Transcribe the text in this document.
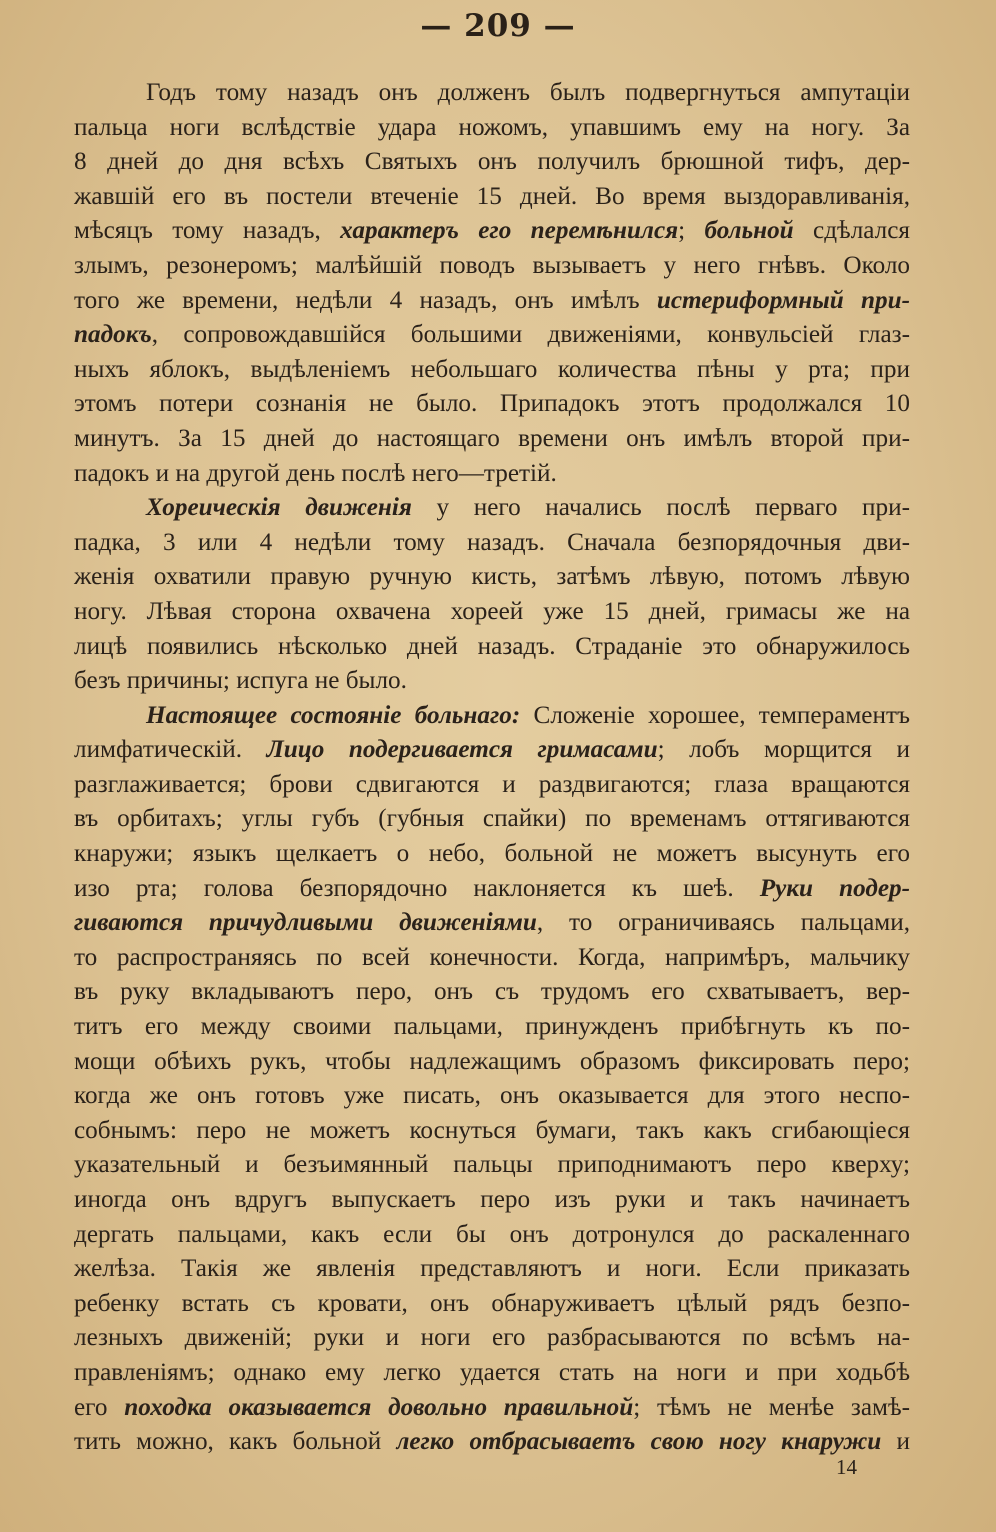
— 209 —
Годъ тому назадъ онъ долженъ былъ подвергнуться ампутаціи
пальца ноги вслѣдствіе удара ножомъ, упавшимъ ему на ногу. За
8 дней до дня всѣхъ Святыхъ онъ получилъ брюшной тифъ, дер-
жавшій его въ постели втеченіе 15 дней. Во время выздоравливанія,
мѣсяцъ тому назадъ, характеръ его перемѣнился; больной сдѣлался
злымъ, резонеромъ; малѣйшій поводъ вызываетъ у него гнѣвъ. Около
того же времени, недѣли 4 назадъ, онъ имѣлъ истериформный при-
падокъ, сопровождавшійся большими движеніями, конвульсіей глаз-
ныхъ яблокъ, выдѣленіемъ небольшаго количества пѣны у рта; при
этомъ потери сознанія не было. Припадокъ этотъ продолжался 10
минутъ. За 15 дней до настоящаго времени онъ имѣлъ второй при-
падокъ и на другой день послѣ него—третій.
Хореическія движенія у него начались послѣ перваго при-
падка, 3 или 4 недѣли тому назадъ. Сначала безпорядочныя дви-
женія охватили правую ручную кисть, затѣмъ лѣвую, потомъ лѣвую
ногу. Лѣвая сторона охвачена хореей уже 15 дней, гримасы же на
лицѣ появились нѣсколько дней назадъ. Страданіе это обнаружилось
безъ причины; испуга не было.
Настоящее состояніе больнаго: Сложеніе хорошее, темпераментъ
лимфатическій. Лицо подергивается гримасами; лобъ морщится и
разглаживается; брови сдвигаются и раздвигаются; глаза вращаются
въ орбитахъ; углы губъ (губныя спайки) по временамъ оттягиваются
кнаружи; языкъ щелкаетъ о небо, больной не можетъ высунуть его
изо рта; голова безпорядочно наклоняется къ шеѣ. Руки подер-
гиваются причудливыми движеніями, то ограничиваясь пальцами,
то распространяясь по всей конечности. Когда, напримѣръ, мальчику
въ руку вкладываютъ перо, онъ съ трудомъ его схватываетъ, вер-
титъ его между своими пальцами, принужденъ прибѣгнуть къ по-
мощи обѣихъ рукъ, чтобы надлежащимъ образомъ фиксировать перо;
когда же онъ готовъ уже писать, онъ оказывается для этого неспо-
собнымъ: перо не можетъ коснуться бумаги, такъ какъ сгибающіеся
указательный и безъимянный пальцы приподнимаютъ перо кверху;
иногда онъ вдругъ выпускаетъ перо изъ руки и такъ начинаетъ
дергать пальцами, какъ если бы онъ дотронулся до раскаленнаго
желѣза. Такія же явленія представляютъ и ноги. Если приказать
ребенку встать съ кровати, онъ обнаруживаетъ цѣлый рядъ безпо-
лезныхъ движеній; руки и ноги его разбрасываются по всѣмъ на-
правленіямъ; однако ему легко удается стать на ноги и при ходьбѣ
его походка оказывается довольно правильной; тѣмъ не менѣе замѣ-
тить можно, какъ больной легко отбрасываетъ свою ногу кнаружи и
14
